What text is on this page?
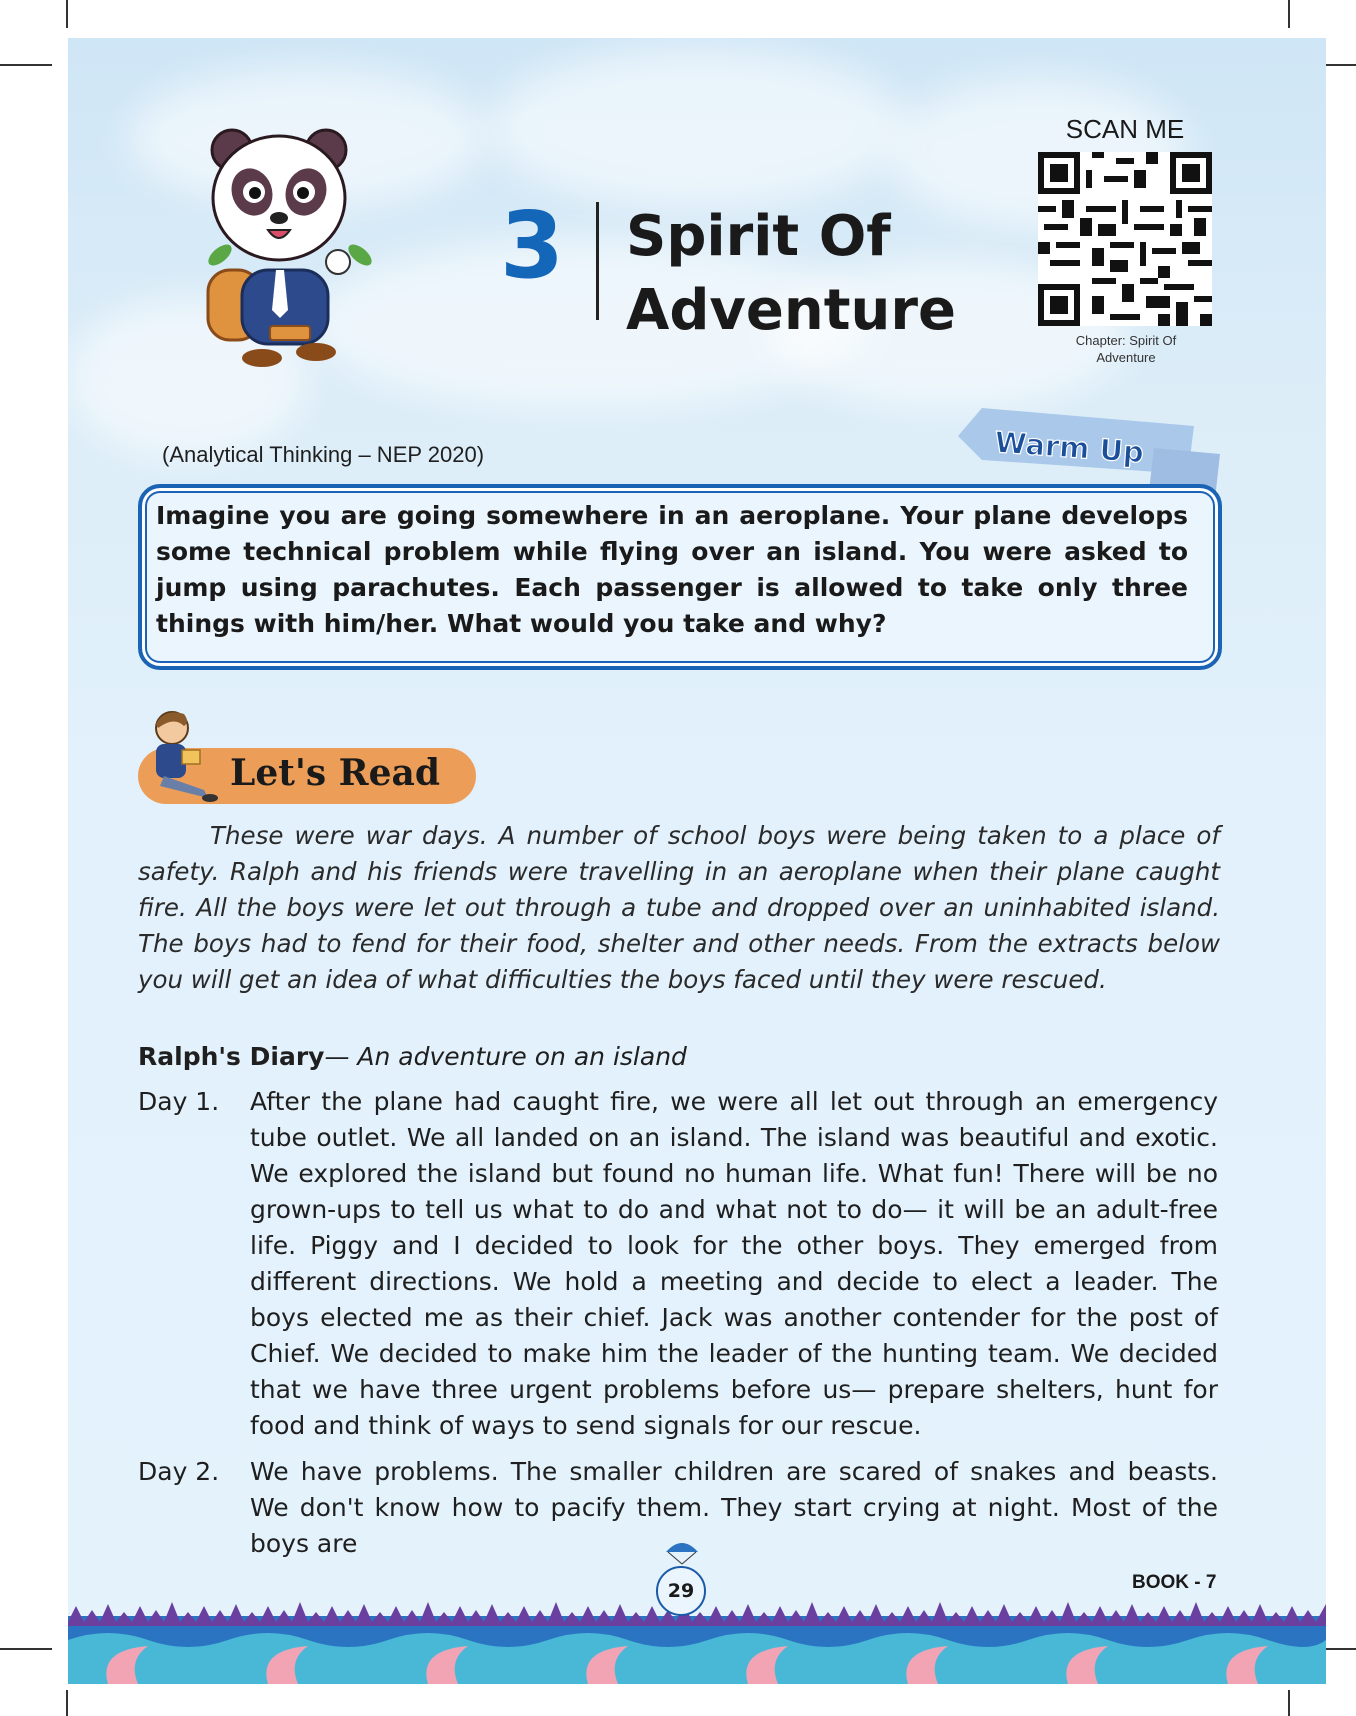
3 Spirit Of
Adventure
SCAN ME
Chapter: Spirit Of
Adventure
(Analytical Thinking – NEP 2020)	Warm Up
Imagine you are going somewhere in an aeroplane. Your plane develops some technical problem while flying over an island. You were asked to jump using parachutes. Each passenger is allowed to take only three things with him/her. What would you take and why?
Let's Read
These were war days. A number of school boys were being taken to a place of safety. Ralph and his friends were travelling in an aeroplane when their plane caught fire. All the boys were let out through a tube and dropped over an uninhabited island. The boys had to fend for their food, shelter and other needs. From the extracts below you will get an idea of what difficulties the boys faced until they were rescued.
Ralph's Diary— An adventure on an island
Day 1. After the plane had caught fire, we were all let out through an emergency tube outlet. We all landed on an island. The island was beautiful and exotic. We explored the island but found no human life. What fun! There will be no grown-ups to tell us what to do and what not to do— it will be an adult-free life. Piggy and I decided to look for the other boys. They emerged from different directions. We hold a meeting and decide to elect a leader. The boys elected me as their chief. Jack was another contender for the post of Chief. We decided to make him the leader of the hunting team. We decided that we have three urgent problems before us— prepare shelters, hunt for food and think of ways to send signals for our rescue.
Day 2. We have problems. The smaller children are scared of snakes and beasts. We don't know how to pacify them. They start crying at night. Most of the boys are
29	BOOK - 7
